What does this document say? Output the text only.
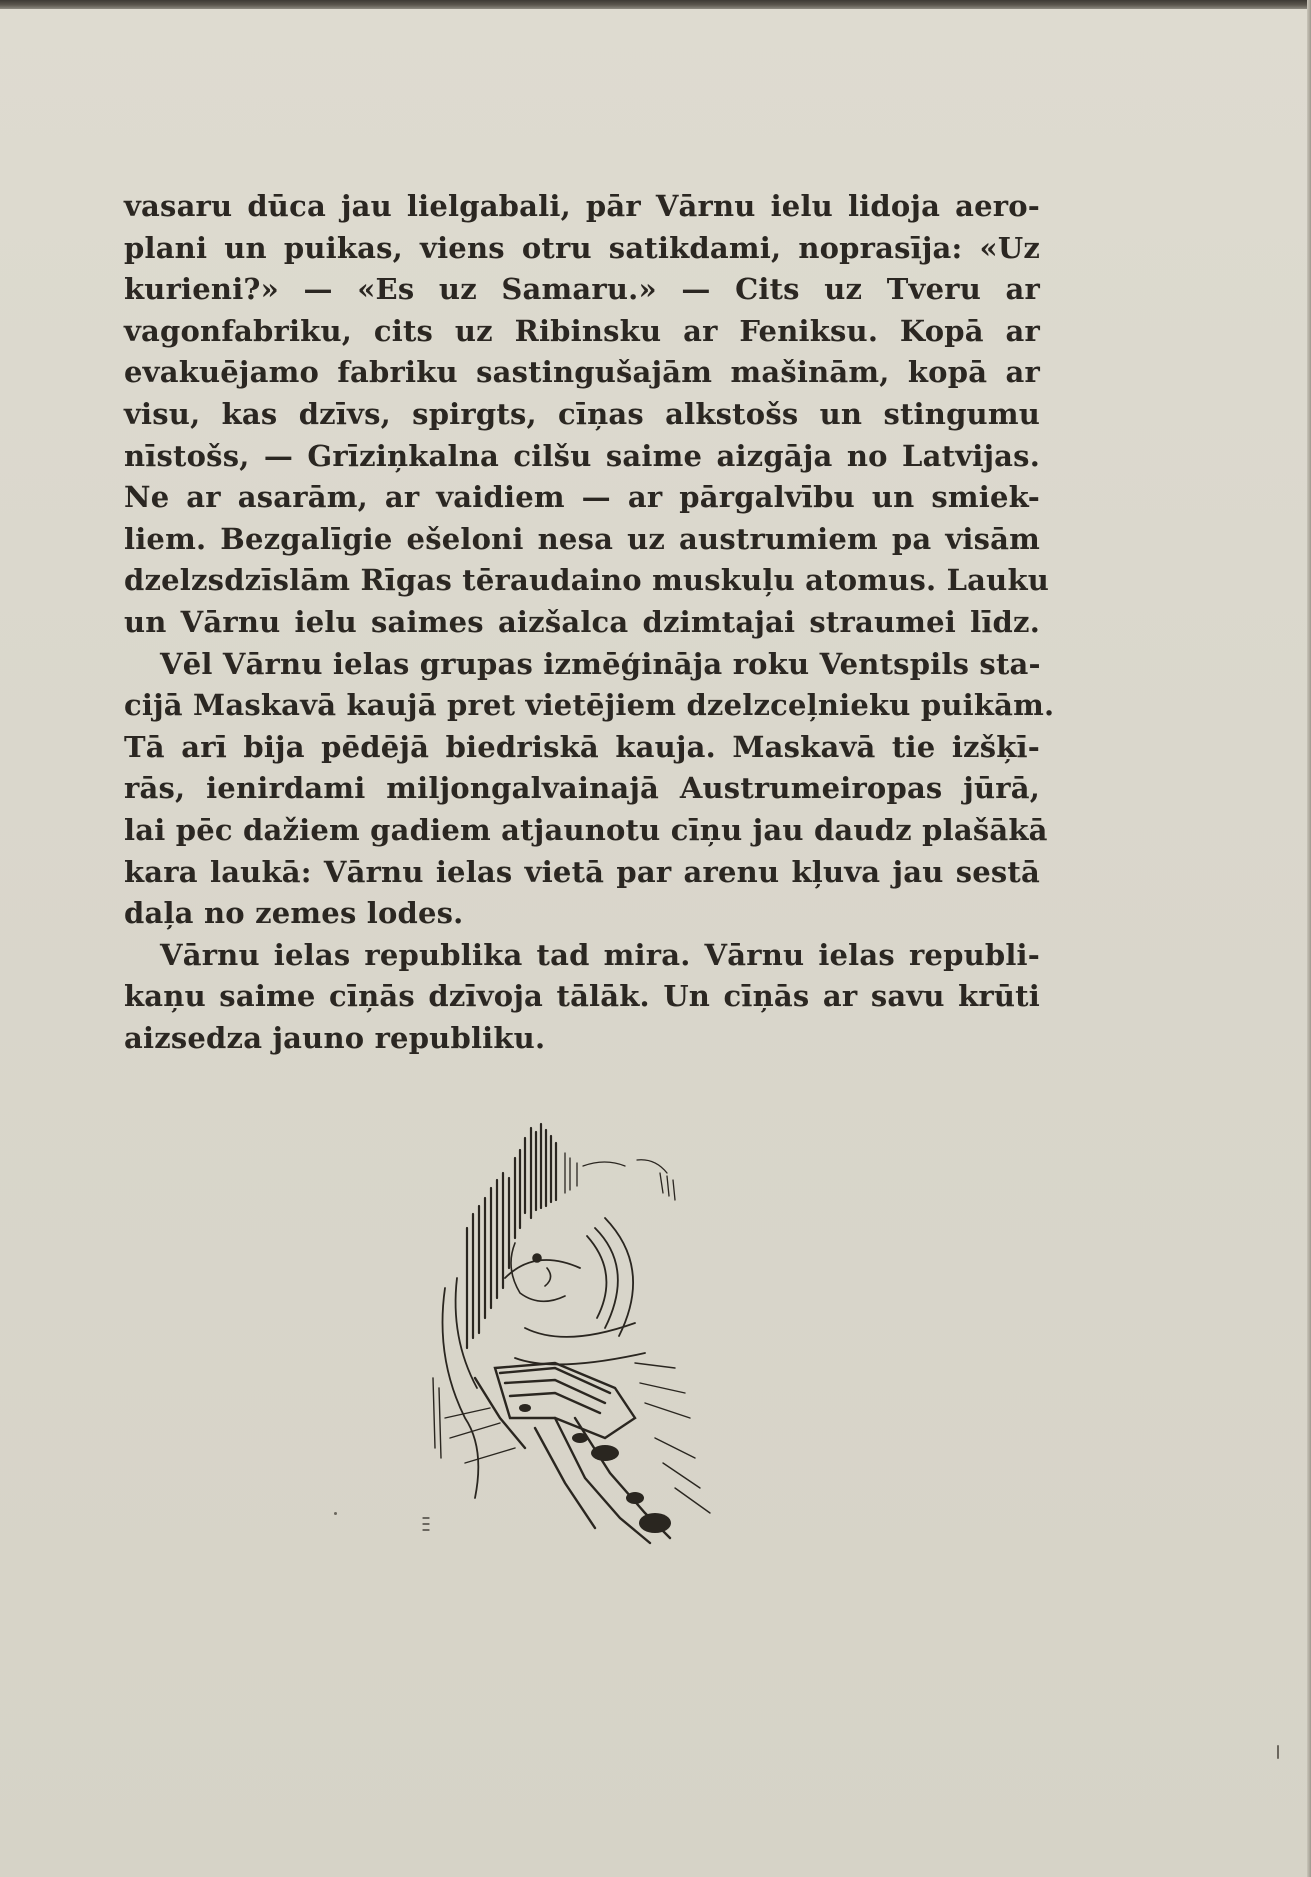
vasaru dūca jau lielgabali, pār Vārnu ielu lidoja aero-
plani un puikas, viens otru satikdami, noprasīja: «Uz
kurieni?» — «Es uz Samaru.» — Cits uz Tveru ar
vagonfabriku, cits uz Ribinsku ar Feniksu. Kopā ar
evakuējamo fabriku sastingušajām mašinām, kopā ar
visu, kas dzīvs, spirgts, cīņas alkstošs un stingumu
nīstošs, — Grīziņkalna cilšu saime aizgāja no Latvijas.
Ne ar asarām, ar vaidiem — ar pārgalvību un smiek-
liem. Bezgalīgie ešeloni nesa uz austrumiem pa visām
dzelzsdzīslām Rīgas tēraudaino muskuļu atomus. Lauku
un Vārnu ielu saimes aizšalca dzimtajai straumei līdz.

Vēl Vārnu ielas grupas izmēģināja roku Ventspils sta-
cijā Maskavā kaujā pret vietējiem dzelzceļnieku puikām.
Tā arī bija pēdējā biedriskā kauja. Maskavā tie izšķī-
rās, ienirdami miljongalvainajā Austrumeiropas jūrā,
lai pēc dažiem gadiem atjaunotu cīņu jau daudz plašākā
kara laukā: Vārnu ielas vietā par arenu kļuva jau sestā
daļa no zemes lodes.

Vārnu ielas republika tad mira. Vārnu ielas republi-
kaņu saime cīņās dzīvoja tālāk. Un cīņās ar savu krūti
aizsedza jauno republiku.
